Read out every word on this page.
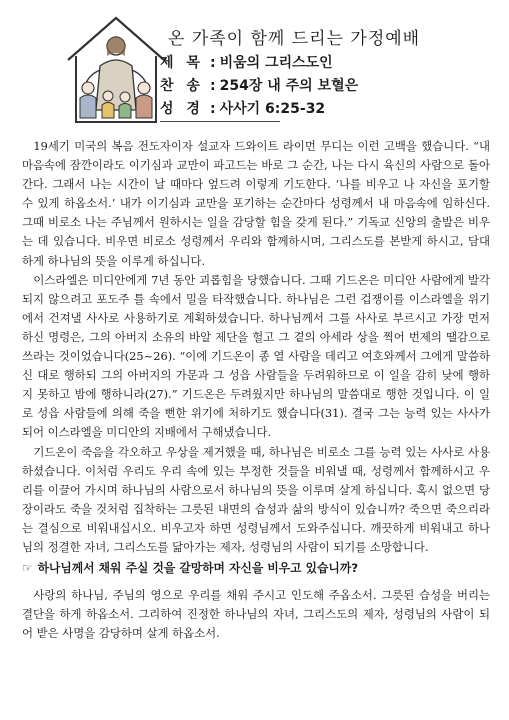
온 가족이 함께 드리는 가정예배
제 목 : 비움의 그리스도인
찬 송 : 254장 내 주의 보혈은
성 경 : 사사기 6:25-32

19세기 미국의 복음 전도자이자 설교자 드와이트 라이먼 무디는 이런 고백을 했습니다. “내 마음속에 잠깐이라도 이기심과 교만이 파고드는 바로 그 순간, 나는 다시 육신의 사람으로 돌아간다. 그래서 나는 시간이 날 때마다 엎드려 이렇게 기도한다. ‘나를 비우고 나 자신을 포기할 수 있게 하옵소서.’ 내가 이기심과 교만을 포기하는 순간마다 성령께서 내 마음속에 임하신다. 그때 비로소 나는 주님께서 원하시는 일을 감당할 힘을 갖게 된다.” 기독교 신앙의 출발은 비우는 데 있습니다. 비우면 비로소 성령께서 우리와 함께하시며, 그리스도를 본받게 하시고, 담대하게 하나님의 뜻을 이루게 하십니다.

이스라엘은 미디안에게 7년 동안 괴롭힘을 당했습니다. 그때 기드온은 미디안 사람에게 발각되지 않으려고 포도주 틀 속에서 밀을 타작했습니다. 하나님은 그런 겁쟁이를 이스라엘을 위기에서 건져낼 사사로 사용하기로 계획하셨습니다. 하나님께서 그를 사사로 부르시고 가장 먼저 하신 명령은, 그의 아버지 소유의 바알 제단을 헐고 그 곁의 아세라 상을 찍어 번제의 땔감으로 쓰라는 것이었습니다(25~26). “이에 기드온이 종 열 사람을 데리고 여호와께서 그에게 말씀하신 대로 행하되 그의 아버지의 가문과 그 성읍 사람들을 두려워하므로 이 일을 감히 낮에 행하지 못하고 밤에 행하니라(27).” 기드온은 두려웠지만 하나님의 말씀대로 행한 것입니다. 이 일로 성읍 사람들에 의해 죽을 뻔한 위기에 처하기도 했습니다(31). 결국 그는 능력 있는 사사가 되어 이스라엘을 미디안의 지배에서 구해냈습니다.

기드온이 죽음을 각오하고 우상을 제거했을 때, 하나님은 비로소 그를 능력 있는 사사로 사용하셨습니다. 이처럼 우리도 우리 속에 있는 부정한 것들을 비워낼 때, 성령께서 함께하시고 우리를 이끌어 가시며 하나님의 사람으로서 하나님의 뜻을 이루며 살게 하십니다. 혹시 없으면 당장이라도 죽을 것처럼 집착하는 그릇된 내면의 습성과 삶의 방식이 있습니까? 죽으면 죽으리라는 결심으로 비워내십시오. 비우고자 하면 성령님께서 도와주십니다. 깨끗하게 비워내고 하나님의 정결한 자녀, 그리스도를 닮아가는 제자, 성령님의 사람이 되기를 소망합니다.

☞ 하나님께서 채워 주실 것을 갈망하며 자신을 비우고 있습니까?

사랑의 하나님, 주님의 영으로 우리를 채워 주시고 인도해 주옵소서. 그릇된 습성을 버리는 결단을 하게 하옵소서. 그리하여 진정한 하나님의 자녀, 그리스도의 제자, 성령님의 사람이 되어 받은 사명을 감당하며 살게 하옵소서.
